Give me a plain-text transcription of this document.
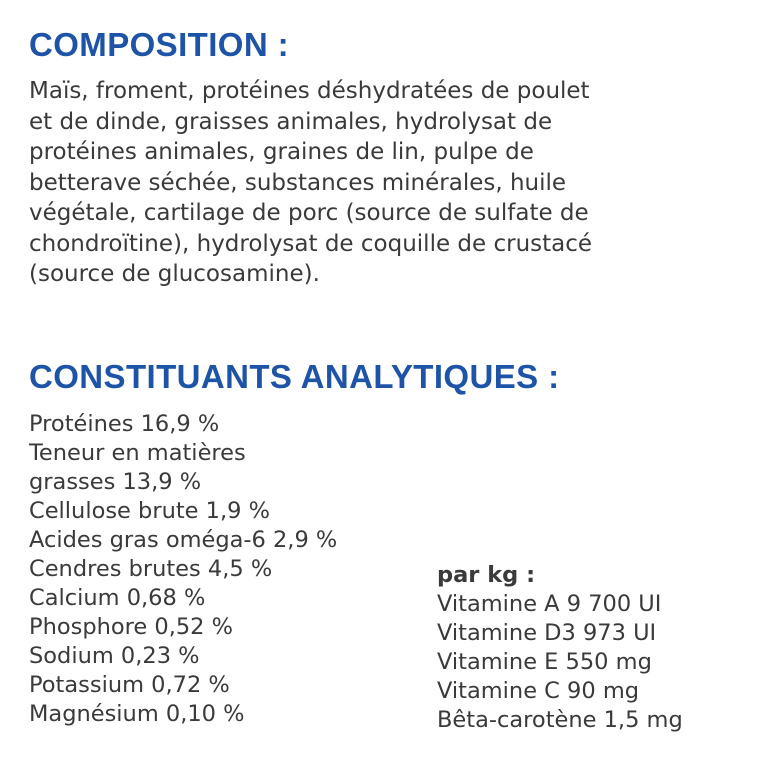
COMPOSITION :

Maïs, froment, protéines déshydratées de poulet
et de dinde, graisses animales, hydrolysat de
protéines animales, graines de lin, pulpe de
betterave séchée, substances minérales, huile
végétale, cartilage de porc (source de sulfate de
chondroïtine), hydrolysat de coquille de crustacé
(source de glucosamine).

CONSTITUANTS ANALYTIQUES :
Protéines 16,9 %
Teneur en matières
grasses 13,9 %
Cellulose brute 1,9 %
Acides gras oméga-6 2,9 %
Cendres brutes 4,5 %
Calcium 0,68 %
Phosphore 0,52 %
Sodium 0,23 %
Potassium 0,72 %
Magnésium 0,10 %
par kg :
Vitamine A 9 700 UI
Vitamine D3 973 UI
Vitamine E 550 mg
Vitamine C 90 mg
Bêta-carotène 1,5 mg
